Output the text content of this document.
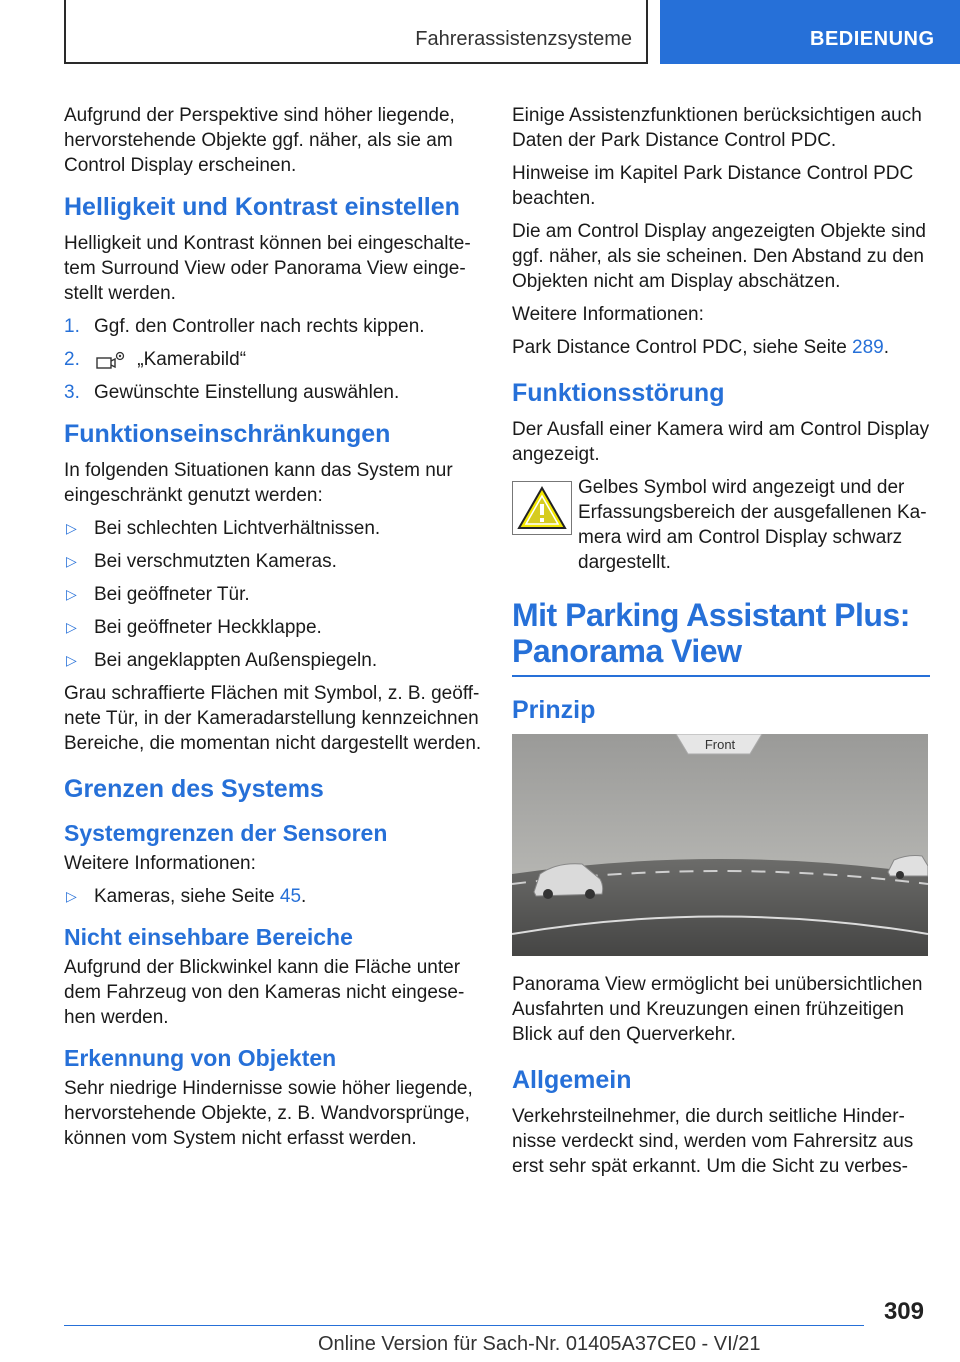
Fahrerassistenzsysteme	BEDIENUNG

Aufgrund der Perspektive sind höher liegende, hervorstehende Objekte ggf. näher, als sie am Control Display erscheinen.

Helligkeit und Kontrast einstellen

Helligkeit und Kontrast können bei eingeschaltetem Surround View oder Panorama View eingestellt werden.

1. Ggf. den Controller nach rechts kippen.
2.	„Kamerabild“
3. Gewünschte Einstellung auswählen.
Funktionseinschränkungen

In folgenden Situationen kann das System nur eingeschränkt genutzt werden:

▷ Bei schlechten Lichtverhältnissen.
▷ Bei verschmutzten Kameras.
▷ Bei geöffneter Tür.
▷ Bei geöffneter Heckklappe.
▷ Bei angeklappten Außenspiegeln.

Grau schraffierte Flächen mit Symbol, z. B. geöffnete Tür, in der Kameradarstellung kennzeichnen Bereiche, die momentan nicht dargestellt werden.

Grenzen des Systems
Systemgrenzen der Sensoren

Weitere Informationen:

▷ Kameras, siehe Seite 45.
Nicht einsehbare Bereiche

Aufgrund der Blickwinkel kann die Fläche unter dem Fahrzeug von den Kameras nicht eingesehen werden.

Erkennung von Objekten

Sehr niedrige Hindernisse sowie höher liegende, hervorstehende Objekte, z. B. Wandvorsprünge, können vom System nicht erfasst werden.

Einige Assistenzfunktionen berücksichtigen auch Daten der Park Distance Control PDC.

Hinweise im Kapitel Park Distance Control PDC beachten.

Die am Control Display angezeigten Objekte sind ggf. näher, als sie scheinen. Den Abstand zu den Objekten nicht am Display abschätzen.

Weitere Informationen:

Park Distance Control PDC, siehe Seite 289.

Funktionsstörung

Der Ausfall einer Kamera wird am Control Display angezeigt.

Gelbes Symbol wird angezeigt und der Erfassungsbereich der ausgefallenen Kamera wird am Control Display schwarz dargestellt.

Mit Parking Assistant Plus: Panorama View
Prinzip
Front

Panorama View ermöglicht bei unübersichtlichen Ausfahrten und Kreuzungen einen frühzeitigen Blick auf den Querverkehr.

Allgemein

Verkehrsteilnehmer, die durch seitliche Hindernisse verdeckt sind, werden vom Fahrersitz aus erst sehr spät erkannt. Um die Sicht zu verbes-

309
Online Version für Sach-Nr. 01405A37CE0 - VI/21
